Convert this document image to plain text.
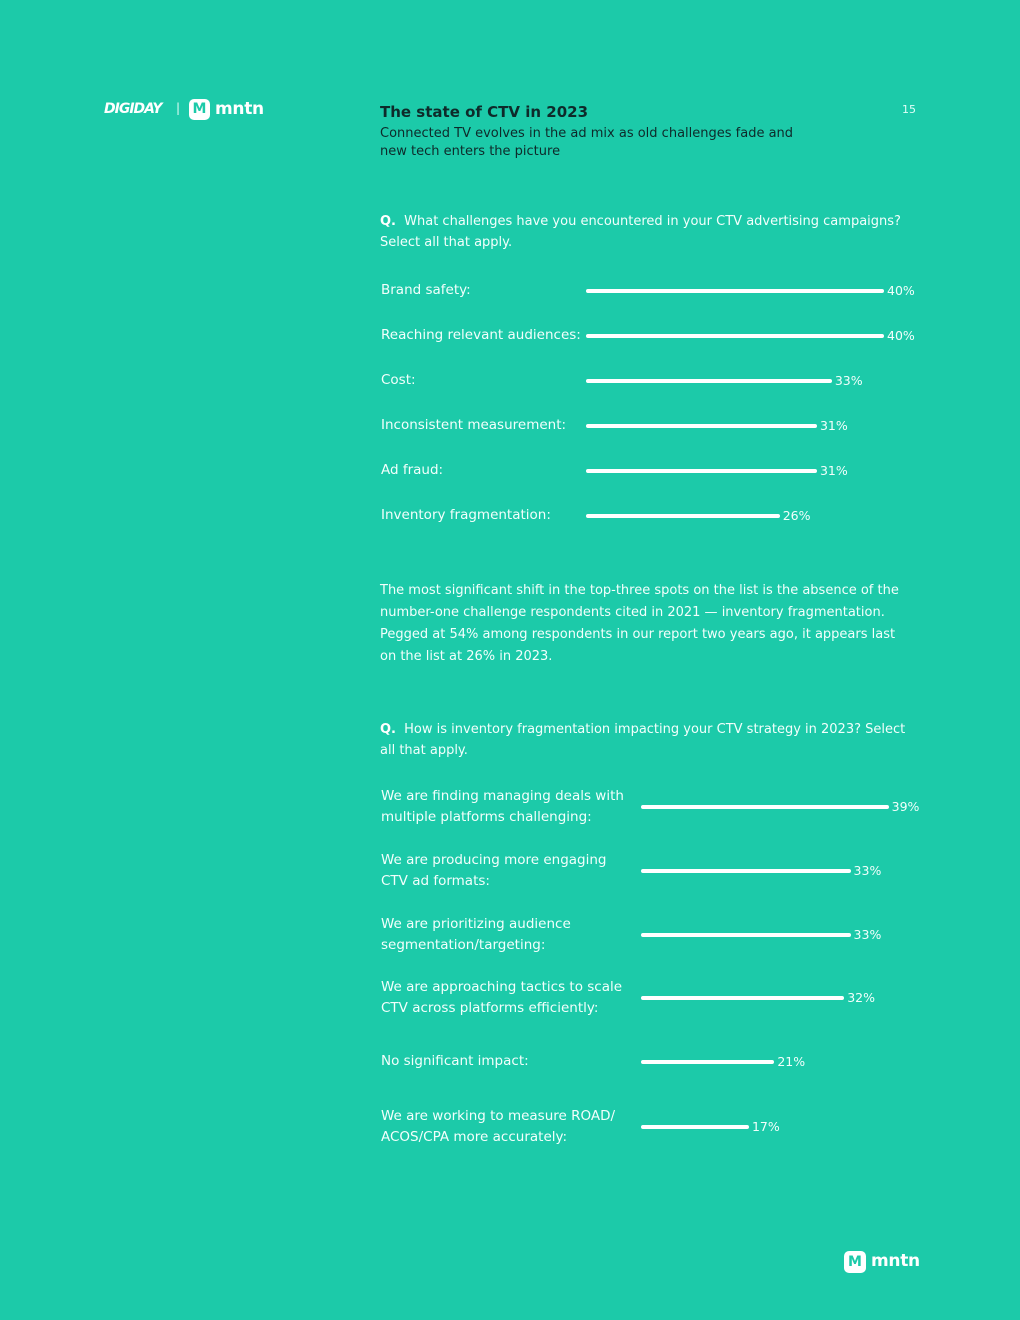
DIGIDAY | M mntn	15
The state of CTV in 2023
Connected TV evolves in the ad mix as old challenges fade and new tech enters the picture
Q. What challenges have you encountered in your CTV advertising campaigns? Select all that apply.
The most significant shift in the top-three spots on the list is the absence of the number-one challenge respondents cited in 2021 — inventory fragmentation. Pegged at 54% among respondents in our report two years ago, it appears last on the list at 26% in 2023.
Q. How is inventory fragmentation impacting your CTV strategy in 2023? Select all that apply.
Brand safety:	40%
Reaching relevant audiences:	40%
Cost:	33%
Inconsistent measurement:	31%
Ad fraud:	31%
Inventory fragmentation:	26%
We are finding managing deals with multiple platforms challenging:
39%
We are producing more engaging CTV ad formats:
33%
We are prioritizing audience segmentation/targeting:
33%
We are approaching tactics to scale CTV across platforms efficiently:
32%
No significant impact:	21%
We are working to measure ROAD/ ACOS/CPA more accurately:
17%
M mntn
